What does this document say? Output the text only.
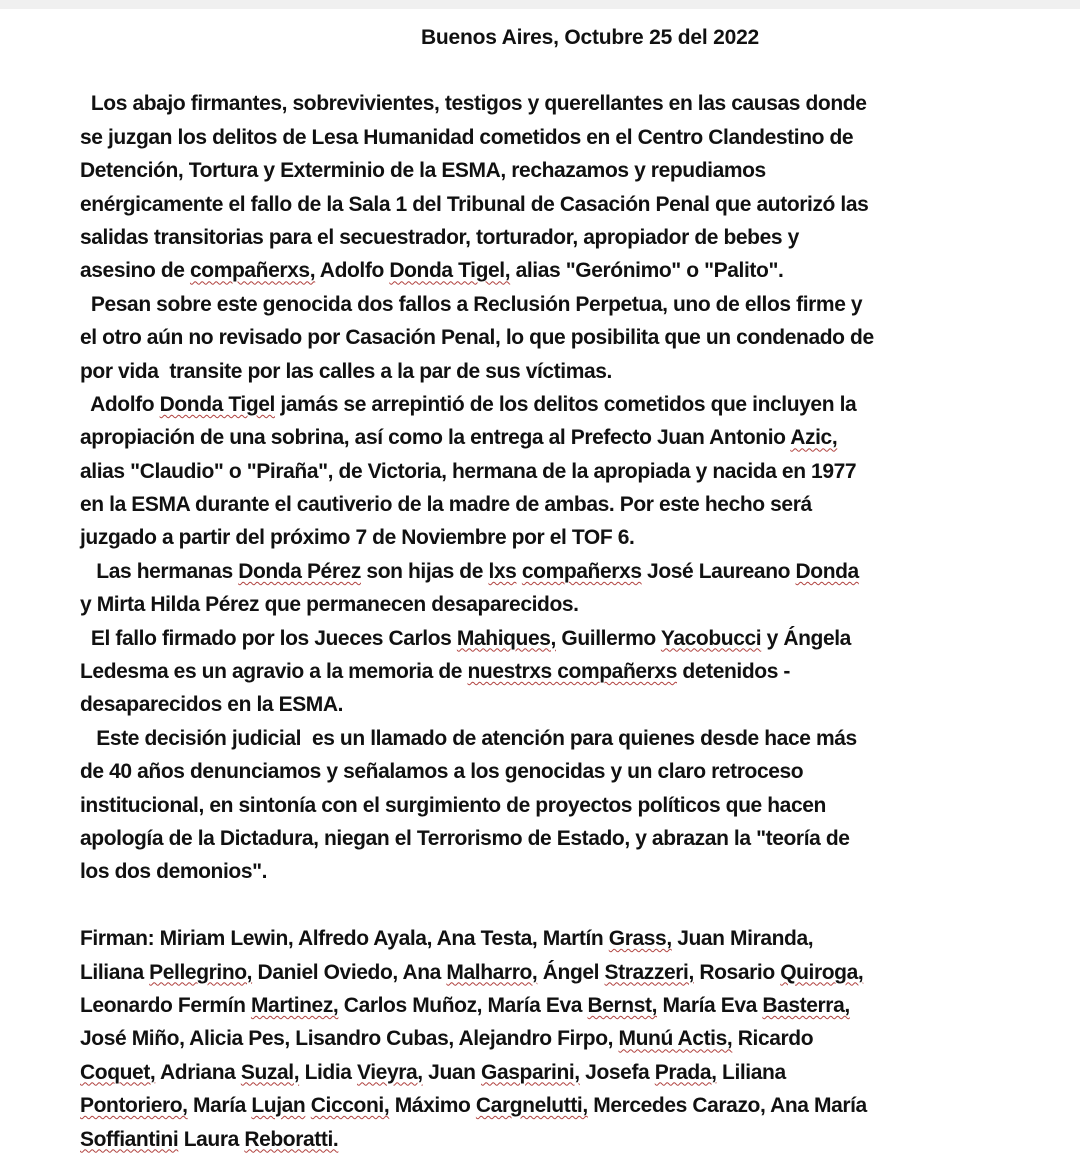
Buenos Aires, Octubre 25 del 2022
Los abajo firmantes, sobrevivientes, testigos y querellantes en las causas donde
se juzgan los delitos de Lesa Humanidad cometidos en el Centro Clandestino de
Detención, Tortura y Exterminio de la ESMA, rechazamos y repudiamos
enérgicamente el fallo de la Sala 1 del Tribunal de Casación Penal que autorizó las
salidas transitorias para el secuestrador, torturador, apropiador de bebes y
asesino de compañerxs, Adolfo Donda Tigel, alias "Gerónimo" o "Palito".
Pesan sobre este genocida dos fallos a Reclusión Perpetua, uno de ellos firme y
el otro aún no revisado por Casación Penal, lo que posibilita que un condenado de
por vida  transite por las calles a la par de sus víctimas.
Adolfo Donda Tigel jamás se arrepintió de los delitos cometidos que incluyen la
apropiación de una sobrina, así como la entrega al Prefecto Juan Antonio Azic,
alias "Claudio" o "Piraña", de Victoria, hermana de la apropiada y nacida en 1977
en la ESMA durante el cautiverio de la madre de ambas. Por este hecho será
juzgado a partir del próximo 7 de Noviembre por el TOF 6.
Las hermanas Donda Pérez son hijas de lxs compañerxs José Laureano Donda
y Mirta Hilda Pérez que permanecen desaparecidos.
El fallo firmado por los Jueces Carlos Mahiques, Guillermo Yacobucci y Ángela
Ledesma es un agravio a la memoria de nuestrxs compañerxs detenidos -
desaparecidos en la ESMA.
Este decisión judicial  es un llamado de atención para quienes desde hace más
de 40 años denunciamos y señalamos a los genocidas y un claro retroceso
institucional, en sintonía con el surgimiento de proyectos políticos que hacen
apología de la Dictadura, niegan el Terrorismo de Estado, y abrazan la "teoría de
los dos demonios".
Firman: Miriam Lewin, Alfredo Ayala, Ana Testa, Martín Grass, Juan Miranda,
Liliana Pellegrino, Daniel Oviedo, Ana Malharro, Ángel Strazzeri, Rosario Quiroga,
Leonardo Fermín Martinez, Carlos Muñoz, María Eva Bernst, María Eva Basterra,
José Miño, Alicia Pes, Lisandro Cubas, Alejandro Firpo, Munú Actis, Ricardo
Coquet, Adriana Suzal, Lidia Vieyra, Juan Gasparini, Josefa Prada, Liliana
Pontoriero, María Lujan Cicconi, Máximo Cargnelutti, Mercedes Carazo, Ana María
Soffiantini Laura Reboratti.
